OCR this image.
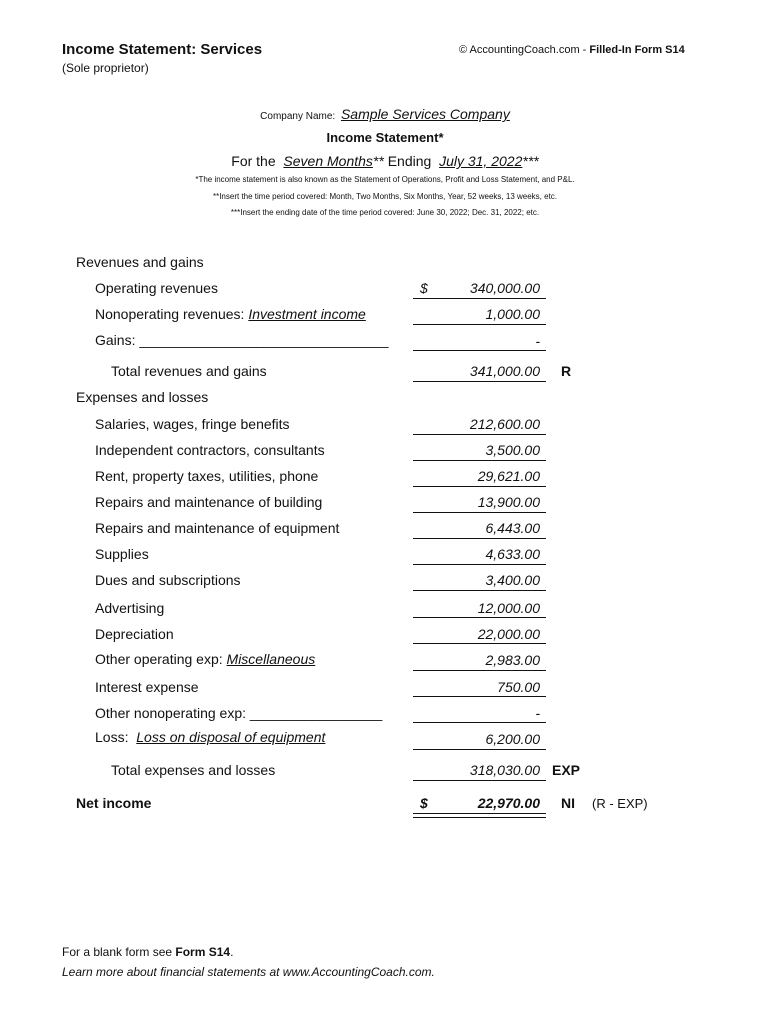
Income Statement: Services
(Sole proprietor)
© AccountingCoach.com - Filled-In Form S14
Company Name: Sample Services Company
Income Statement*
For the Seven Months** Ending July 31, 2022***
*The income statement is also known as the Statement of Operations, Profit and Loss Statement, and P&L.
**Insert the time period covered: Month, Two Months, Six Months, Year, 52 weeks, 13 weeks, etc.
***Insert the ending date of the time period covered: June 30, 2022; Dec. 31, 2022; etc.
Revenues and gains
Operating revenues	$	340,000.00
Nonoperating revenues: Investment income	1,000.00
Gains: ________________________________	-
Total revenues and gains	341,000.00 R
Expenses and losses
Salaries, wages, fringe benefits	212,600.00
Independent contractors, consultants	3,500.00
Rent, property taxes, utilities, phone	29,621.00
Repairs and maintenance of building	13,900.00
Repairs and maintenance of equipment	6,443.00
Supplies	4,633.00
Dues and subscriptions	3,400.00
Advertising	12,000.00
Depreciation	22,000.00
Other operating exp: Miscellaneous	2,983.00
Interest expense	750.00
Other nonoperating exp: _________________	-
Loss: Loss on disposal of equipment	6,200.00
Total expenses and losses	318,030.00 EXP
Net income	$	22,970.00 NI (R - EXP)
For a blank form see Form S14.
Learn more about financial statements at www.AccountingCoach.com.
